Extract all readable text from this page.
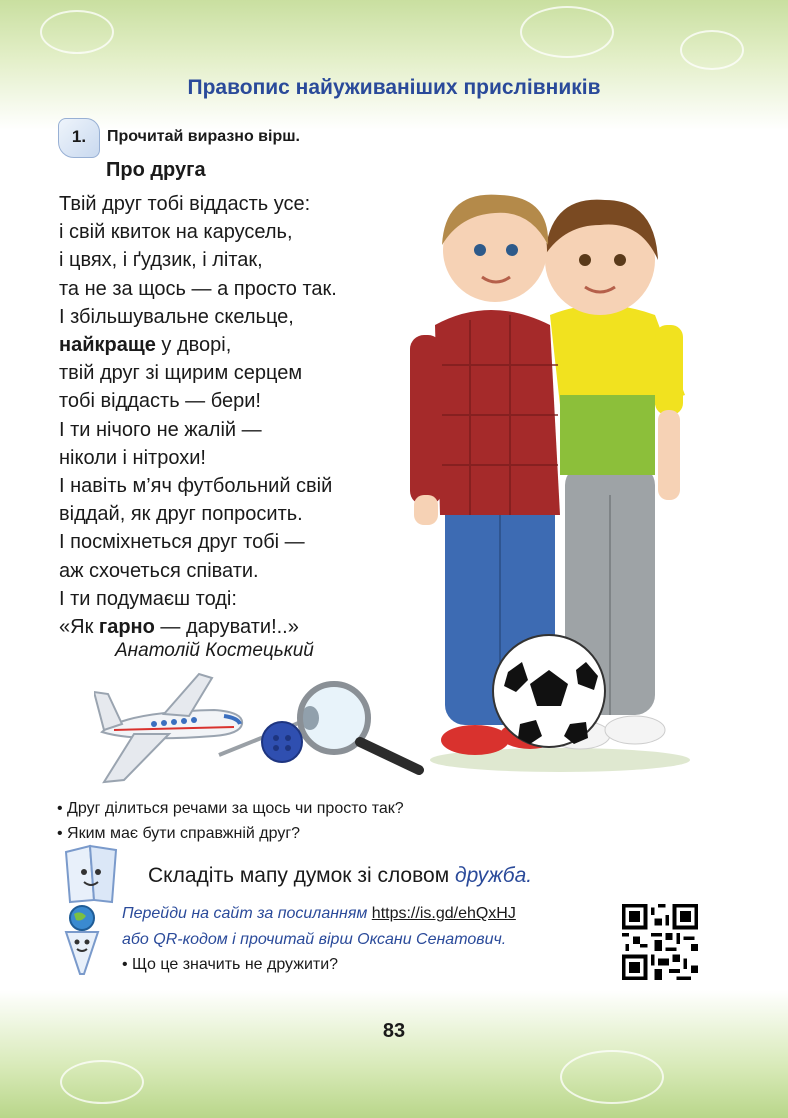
Правопис найуживаніших прислівників
1.	Прочитай виразно вірш.
Про друга
Твій друг тобі віддасть усе:
і свій квиток на карусель,
і цвях, і ґудзик, і літак,
та не за щось — а просто так.
І збільшувальне скельце,
найкраще у дворі,
твій друг зі щирим серцем
тобі віддасть — бери!
І ти нічого не жалій —
ніколи і нітрохи!
І навіть м’яч футбольний свій
віддай, як друг попросить.
І посміхнеться друг тобі —
аж схочеться співати.
І ти подумаєш тоді:
«Як гарно — дарувати!..»
Анатолій Костецький
• Друг ділиться речами за щось чи просто так?
• Яким має бути справжній друг?
Складіть мапу думок зі словом дружба.
Перейди на сайт за посиланням https://is.gd/ehQxHJ
або QR-кодом і прочитай вірш Оксани Сенатович.
• Що це значить не дружити?
83
